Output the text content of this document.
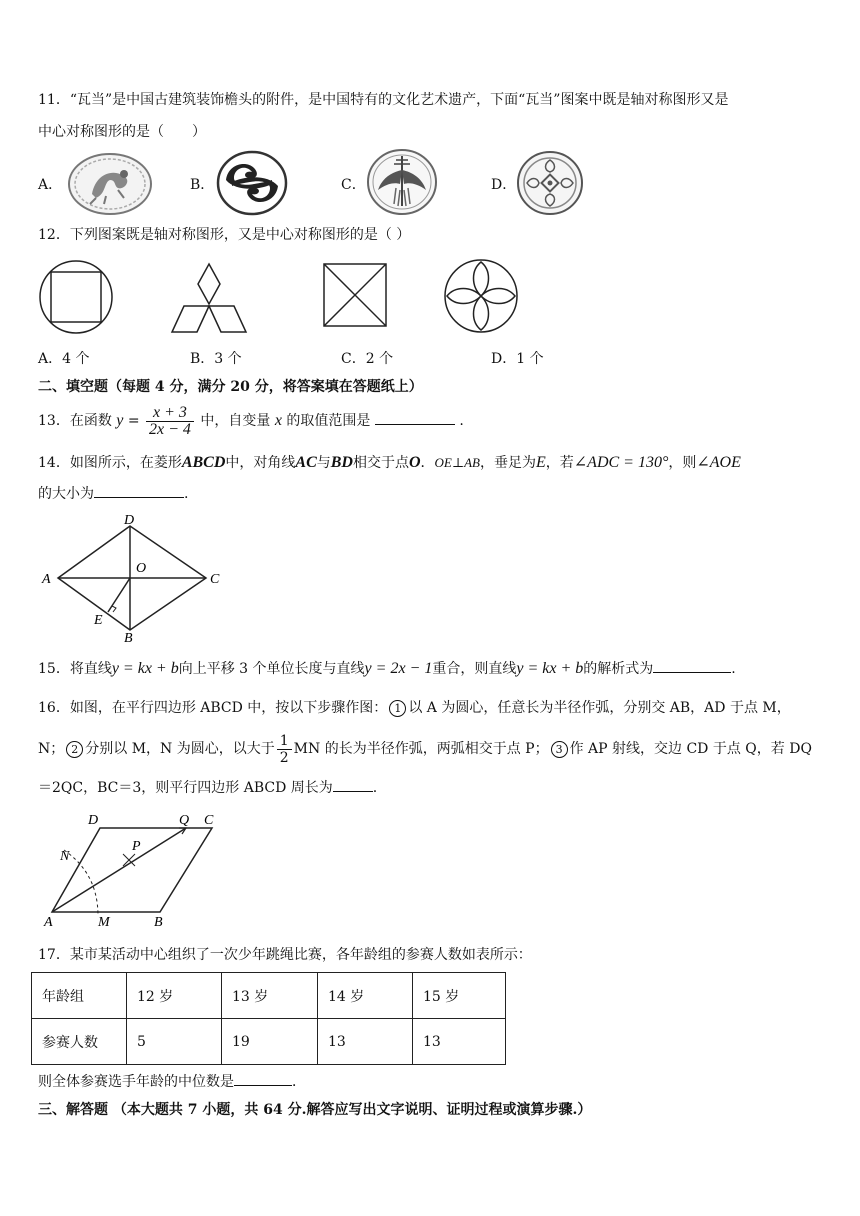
11．“瓦当”是中国古建筑装饰檐头的附件，是中国特有的文化艺术遗产，下面“瓦当”图案中既是轴对称图形又是
中心对称图形的是（　　）
A．	B．	C．	D．
12．下列图案既是轴对称图形，又是中心对称图形的是（ ）
A．4 个	B．3 个	C．2 个	D．1 个
二、填空题（每题 4 分，满分 20 分，将答案填在答题纸上）
13．在函数 $y = \frac{x + 3}{2x - 4}$ 中，自变量 x 的取值范围是	.
14．如图所示，在菱形ABCD中，对角线AC与BD相交于点O．OE⊥AB，垂足为E，若∠ADC = 130°，则∠AOE
的大小为	.
A
D
C
B
O
E
15．将直线y = kx + b向上平移 3 个单位长度与直线y = 2x − 1重合，则直线y = kx + b的解析式为	.
16．如图，在平行四边形 ABCD 中，按以下步骤作图： 1 以 A 为圆心，任意长为半径作弧，分别交 AB，AD 于点 M，
N； 2 分别以 M，N 为圆心，以大于 $\frac{1}{2}$ MN 的长为半径作弧，两弧相交于点 P； 3 作 AP 射线，交边 CD 于点 Q，若 DQ
＝2QC，BC＝3，则平行四边形 ABCD 周长为	.
D	Q C
N
P
A	M	B
17．某市某活动中心组织了一次少年跳绳比赛，各年龄组的参赛人数如表所示：
年龄组	12 岁	13 岁	14 岁	15 岁
参赛人数	5	19	13	13
则全体参赛选手年龄的中位数是	．
三、解答题 （本大题共 7 小题，共 64 分.解答应写出文字说明、证明过程或演算步骤.）
